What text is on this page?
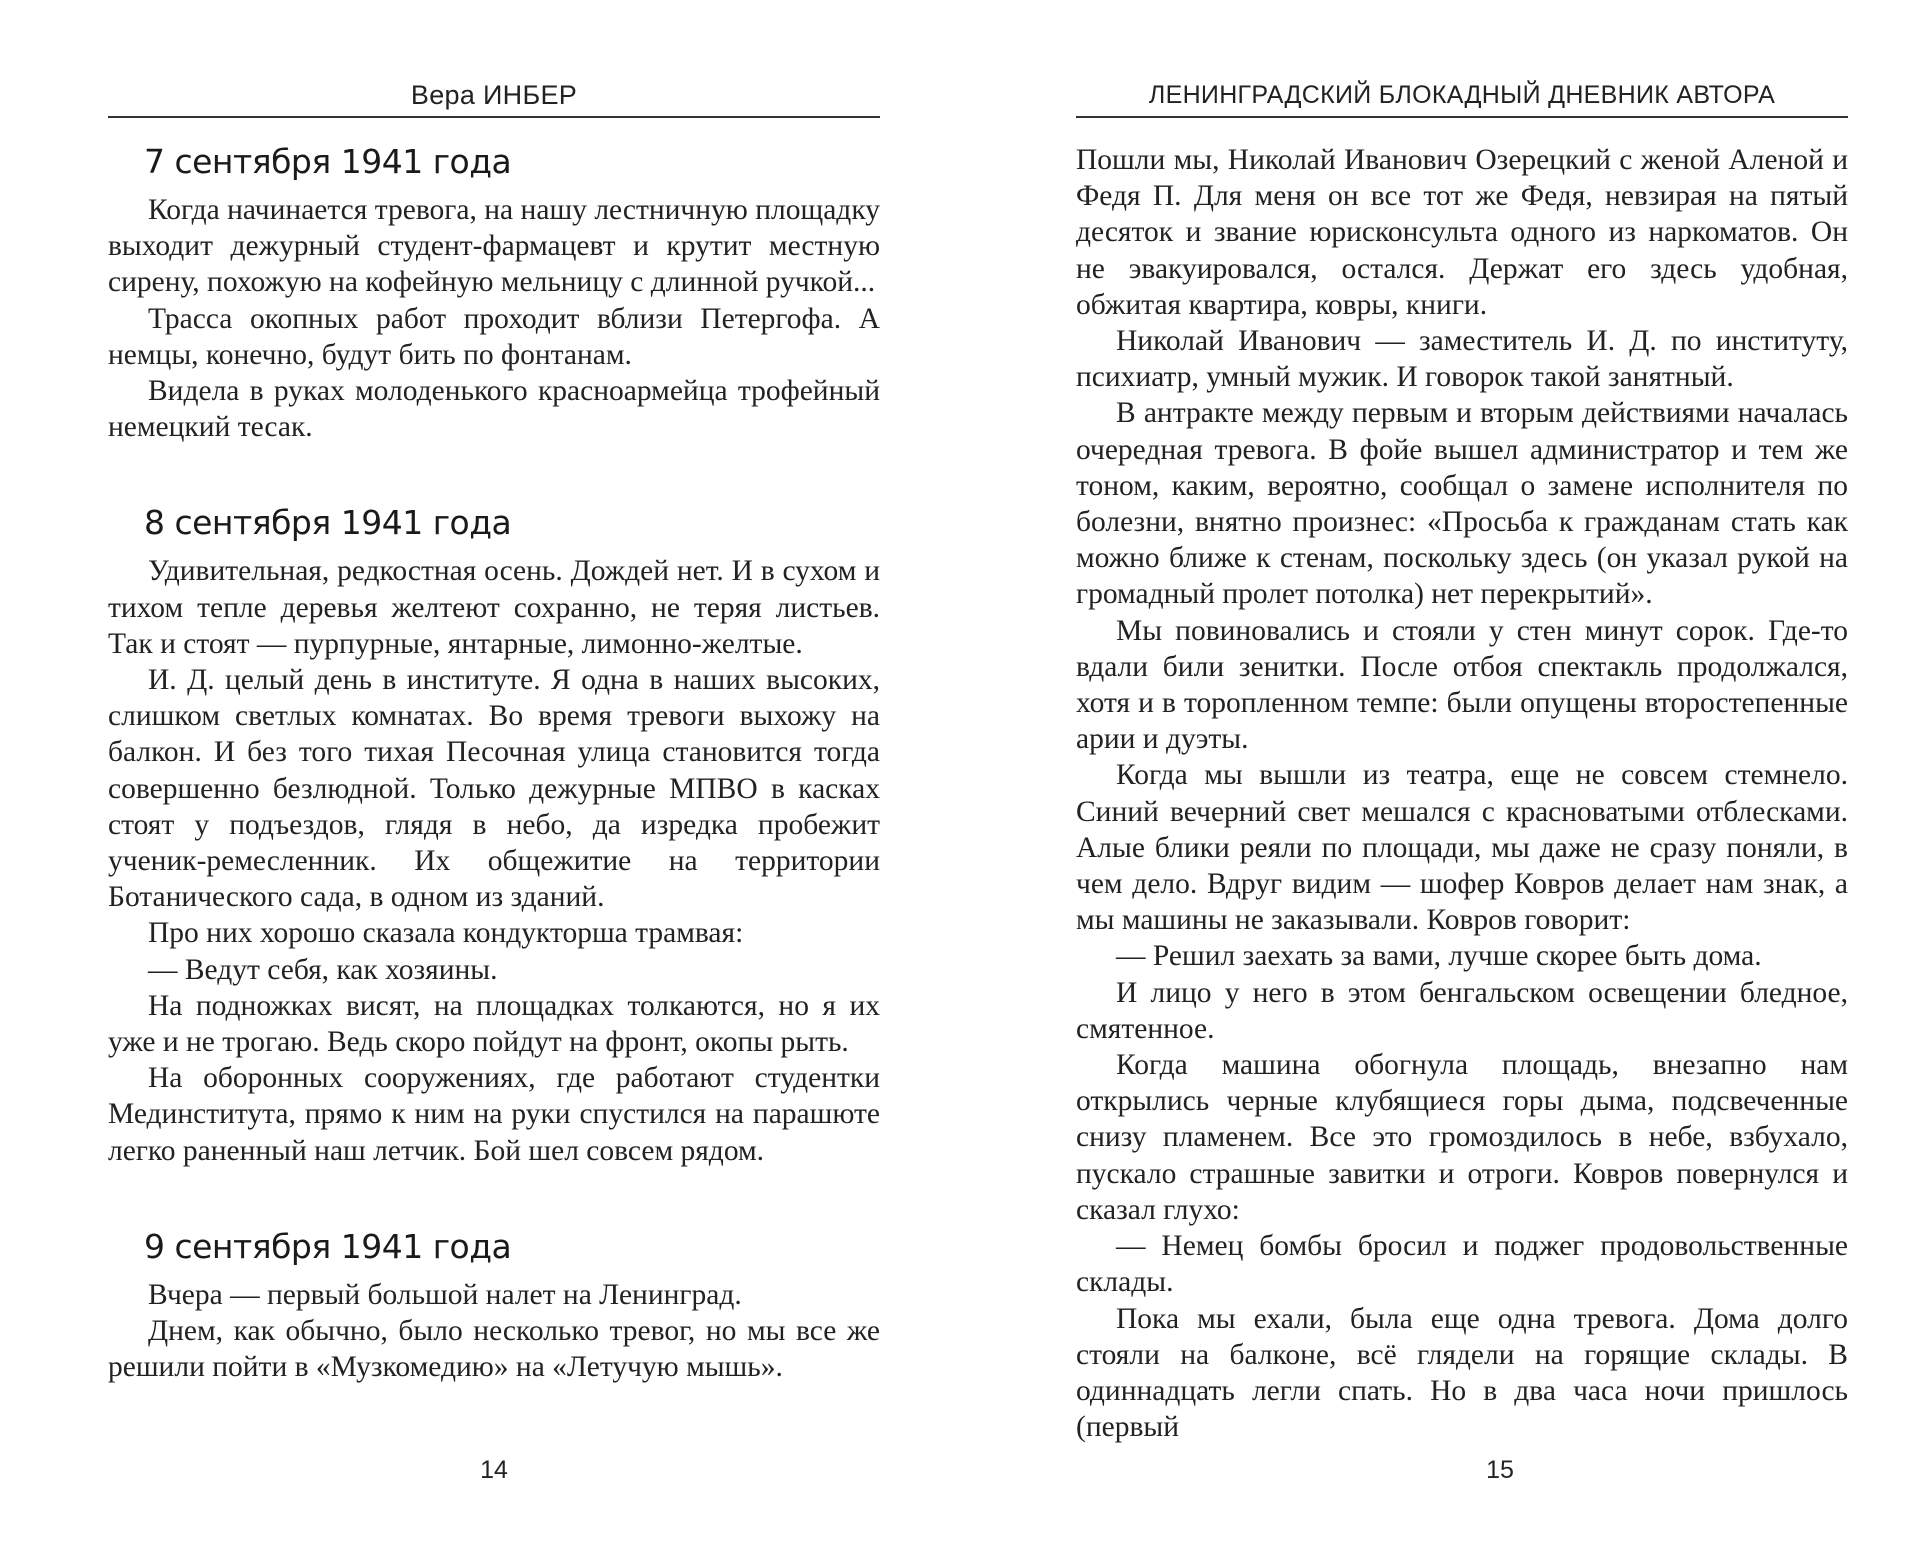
Вера ИНБЕР
7 сентября 1941 года

Когда начинается тревога, на нашу лестничную площадку выходит дежурный студент-фармацевт и крутит местную сирену, похожую на кофейную мельницу с длинной ручкой...

Трасса окопных работ проходит вблизи Петергофа. А немцы, конечно, будут бить по фонтанам.

Видела в руках молоденького красноармейца трофейный немецкий тесак.

8 сентября 1941 года

Удивительная, редкостная осень. Дождей нет. И в сухом и тихом тепле деревья желтеют сохранно, не теряя листьев. Так и стоят — пурпурные, янтарные, лимонно-желтые.

И. Д. целый день в институте. Я одна в наших высоких, слишком светлых комнатах. Во время тревоги выхожу на балкон. И без того тихая Песочная улица становится тогда совершенно безлюдной. Только дежурные МПВО в касках стоят у подъездов, глядя в небо, да изредка пробежит ученик-ремесленник. Их общежитие на территории Ботанического сада, в одном из зданий.

Про них хорошо сказала кондукторша трамвая:

— Ведут себя, как хозяины.

На подножках висят, на площадках толкаются, но я их уже и не трогаю. Ведь скоро пойдут на фронт, окопы рыть.

На оборонных сооружениях, где работают студентки Мединститута, прямо к ним на руки спустился на парашюте легко раненный наш летчик. Бой шел совсем рядом.

9 сентября 1941 года

Вчера — первый большой налет на Ленинград.

Днем, как обычно, было несколько тревог, но мы все же решили пойти в «Музкомедию» на «Летучую мышь».

14
ЛЕНИНГРАДСКИЙ БЛОКАДНЫЙ ДНЕВНИК АВТОРА

Пошли мы, Николай Иванович Озерецкий с женой Аленой и Федя П. Для меня он все тот же Федя, невзирая на пятый десяток и звание юрисконсульта одного из наркоматов. Он не эвакуировался, остался. Держат его здесь удобная, обжитая квартира, ковры, книги.

Николай Иванович — заместитель И. Д. по институту, психиатр, умный мужик. И говорок такой занятный.

В антракте между первым и вторым действиями началась очередная тревога. В фойе вышел администратор и тем же тоном, каким, вероятно, сообщал о замене исполнителя по болезни, внятно произнес: «Просьба к гражданам стать как можно ближе к стенам, поскольку здесь (он указал рукой на громадный пролет потолка) нет перекрытий».

Мы повиновались и стояли у стен минут сорок. Где-то вдали били зенитки. После отбоя спектакль продолжался, хотя и в торопленном темпе: были опущены второстепенные арии и дуэты.

Когда мы вышли из театра, еще не совсем стемнело. Синий вечерний свет мешался с красноватыми отблесками. Алые блики реяли по площади, мы даже не сразу поняли, в чем дело. Вдруг видим — шофер Ковров делает нам знак, а мы машины не заказывали. Ковров говорит:

— Решил заехать за вами, лучше скорее быть дома.

И лицо у него в этом бенгальском освещении бледное, смятенное.

Когда машина обогнула площадь, внезапно нам открылись черные клубящиеся горы дыма, подсвеченные снизу пламенем. Все это громоздилось в небе, взбухало, пускало страшные завитки и отроги. Ковров повернулся и сказал глухо:

— Немец бомбы бросил и поджег продовольственные склады.

Пока мы ехали, была еще одна тревога. Дома долго стояли на балконе, всё глядели на горящие склады. В одиннадцать легли спать. Но в два часа ночи пришлось (первый

15
